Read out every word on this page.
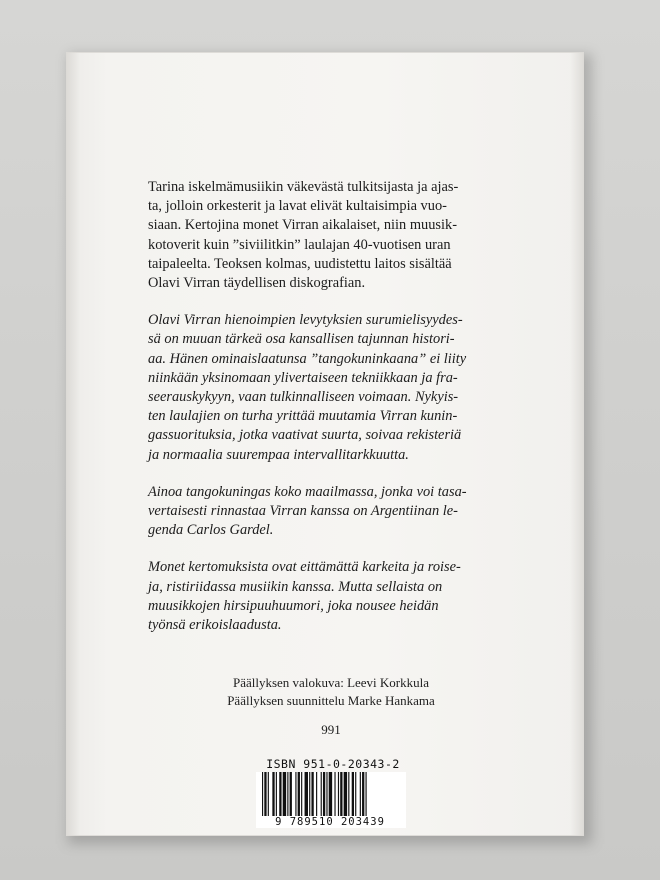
Tarina iskelmämusiikin väkevästä tulkitsijasta ja ajas-
ta, jolloin orkesterit ja lavat elivät kultaisimpia vuo-
siaan. Kertojina monet Virran aikalaiset, niin muusik-
kotoverit kuin ”siviilitkin” laulajan 40-vuotisen uran
taipaleelta. Teoksen kolmas, uudistettu laitos sisältää
Olavi Virran täydellisen diskografian.

Olavi Virran hienoimpien levytyksien surumielisyydes-
sä on muuan tärkeä osa kansallisen tajunnan histori-
aa. Hänen ominaislaatunsa ”tangokuninkaana” ei liity
niinkään yksinomaan ylivertaiseen tekniikkaan ja fra-
seerauskykyyn, vaan tulkinnalliseen voimaan. Nykyis-
ten laulajien on turha yrittää muutamia Virran kunin-
gassuorituksia, jotka vaativat suurta, soivaa rekisteriä
ja normaalia suurempaa intervallitarkkuutta.

Ainoa tangokuningas koko maailmassa, jonka voi tasa-
vertaisesti rinnastaa Virran kanssa on Argentiinan le-
genda Carlos Gardel.

Monet kertomuksista ovat eittämättä karkeita ja roise-
ja, ristiriidassa musiikin kanssa. Mutta sellaista on
muusikkojen hirsipuuhuumori, joka nousee heidän
työnsä erikoislaadusta.

Päällyksen valokuva: Leevi Korkkula
Päällyksen suunnittelu Marke Hankama
991
ISBN 951-0-20343-2
9 789510 203439
